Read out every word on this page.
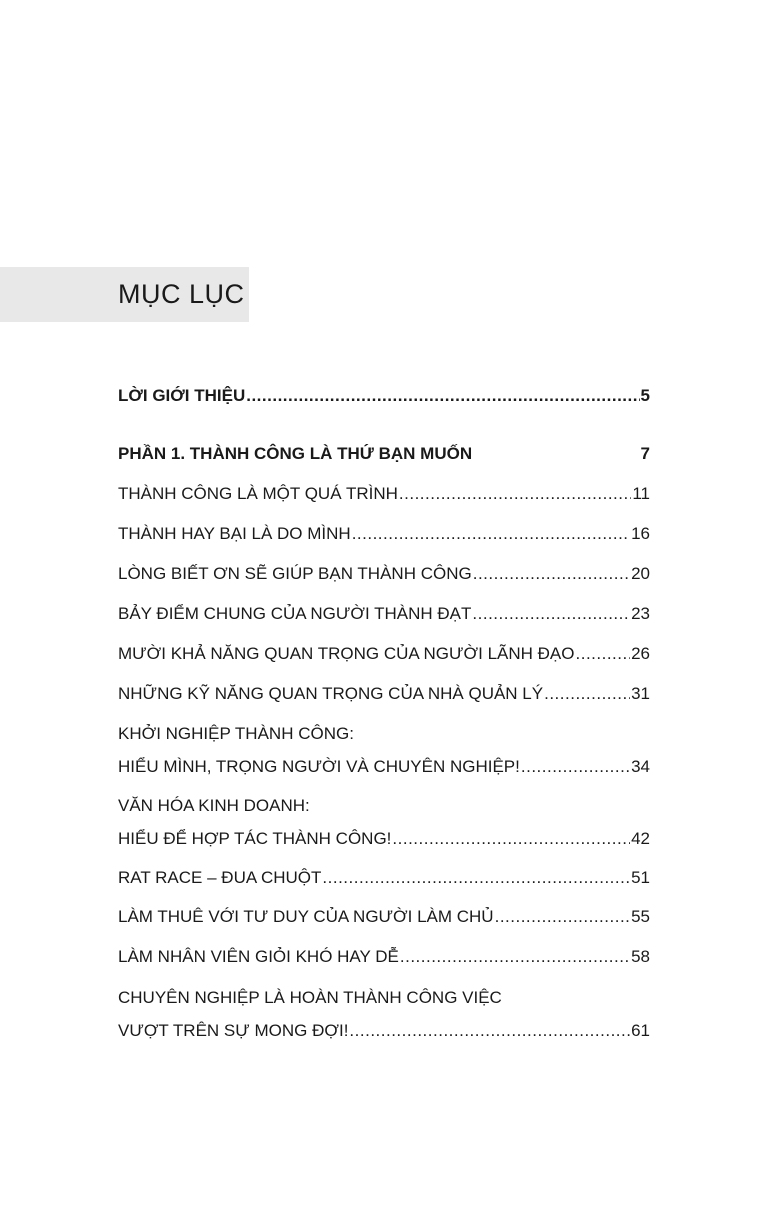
MỤC LỤC
LỜI GIỚI THIỆU .....	5
PHẦN 1. THÀNH CÔNG LÀ THỨ BẠN MUỐN	7
THÀNH CÔNG LÀ MỘT QUÁ TRÌNH .....	11
THÀNH HAY BẠI LÀ DO MÌNH .....	16
LÒNG BIẾT ƠN SẼ GIÚP BẠN THÀNH CÔNG .....	20
BẢY ĐIỂM CHUNG CỦA NGƯỜI THÀNH ĐẠT .....	23
MƯỜI KHẢ NĂNG QUAN TRỌNG CỦA NGƯỜI LÃNH ĐẠO .....	26
NHỮNG KỸ NĂNG QUAN TRỌNG CỦA NHÀ QUẢN LÝ .....	31
KHỞI NGHIỆP THÀNH CÔNG:
HIỂU MÌNH, TRỌNG NGƯỜI VÀ CHUYÊN NGHIỆP! .....	34
VĂN HÓA KINH DOANH:
HIỂU ĐỂ HỢP TÁC THÀNH CÔNG! .....	42
RAT RACE – ĐUA CHUỘT .....	51
LÀM THUÊ VỚI TƯ DUY CỦA NGƯỜI LÀM CHỦ .....	55
LÀM NHÂN VIÊN GIỎI KHÓ HAY DỄ .....	58
CHUYÊN NGHIỆP LÀ HOÀN THÀNH CÔNG VIỆC
VƯỢT TRÊN SỰ MONG ĐỢI! .....	61
